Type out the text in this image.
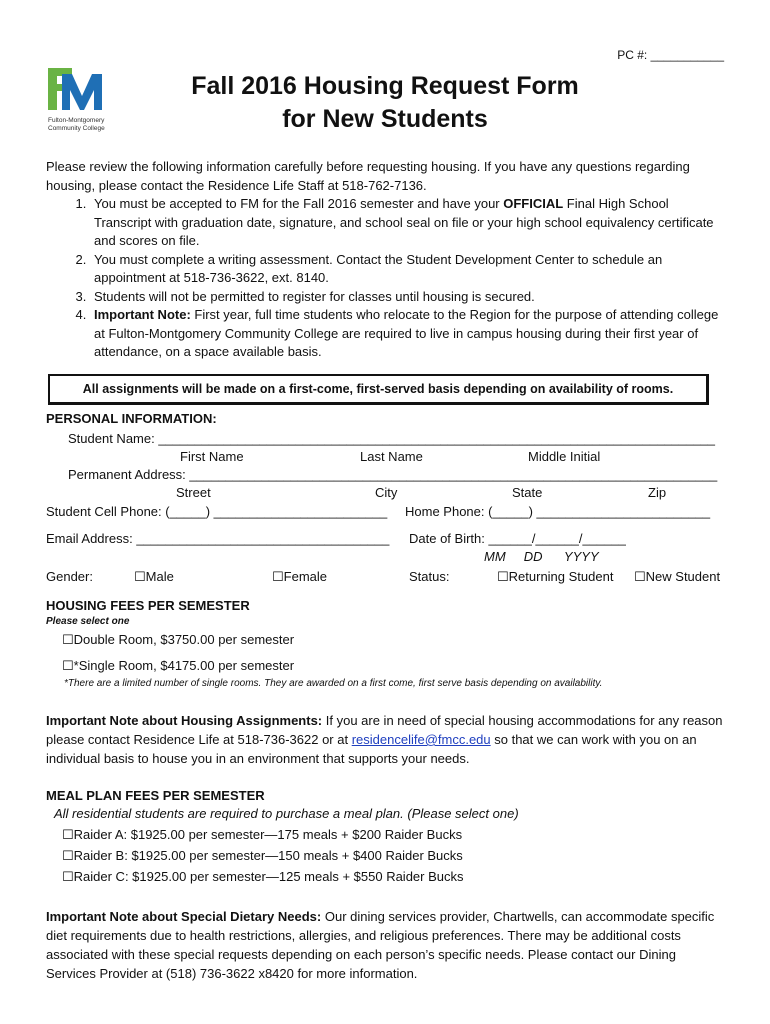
PC #: ___________
Fulton-Montgomery
Community College
Fall 2016 Housing Request Form
for New Students
Please review the following information carefully before requesting housing. If you have any questions regarding housing, please contact the Residence Life Staff at 518-762-7136.
1. You must be accepted to FM for the Fall 2016 semester and have your OFFICIAL Final High School Transcript with graduation date, signature, and school seal on file or your high school equivalency certificate and scores on file.
2. You must complete a writing assessment. Contact the Student Development Center to schedule an appointment at 518-736-3622, ext. 8140.
3. Students will not be permitted to register for classes until housing is secured.
4. Important Note: First year, full time students who relocate to the Region for the purpose of attending college at Fulton-Montgomery Community College are required to live in campus housing during their first year of attendance, on a space available basis.
All assignments will be made on a first-come, first-served basis depending on availability of rooms.
PERSONAL INFORMATION:
Student Name: _____________________________________________________________________________
First Name	Last Name	Middle Initial
Permanent Address: _________________________________________________________________________
Street	City	State	Zip
Student Cell Phone: (_____) ________________________ Home Phone: (_____) ________________________
Email Address: ___________________________________ Date of Birth: ______/______/______
MM     DD      YYYY
Gender:	☐Male	☐Female	Status:	☐Returning Student ☐New Student
HOUSING FEES PER SEMESTER
Please select one
☐Double Room, $3750.00 per semester
☐*Single Room, $4175.00 per semester
*There are a limited number of single rooms. They are awarded on a first come, first serve basis depending on availability.
Important Note about Housing Assignments: If you are in need of special housing accommodations for any reason please contact Residence Life at 518-736-3622 or at residencelife@fmcc.edu so that we can work with you on an individual basis to house you in an environment that supports your needs.
MEAL PLAN FEES PER SEMESTER
All residential students are required to purchase a meal plan. (Please select one)
☐Raider A: $1925.00 per semester—175 meals + $200 Raider Bucks
☐Raider B: $1925.00 per semester—150 meals + $400 Raider Bucks
☐Raider C: $1925.00 per semester—125 meals + $550 Raider Bucks
Important Note about Special Dietary Needs: Our dining services provider, Chartwells, can accommodate specific diet requirements due to health restrictions, allergies, and religious preferences. There may be additional costs associated with these special requests depending on each person’s specific needs. Please contact our Dining Services Provider at (518) 736-3622 x8420 for more information.
